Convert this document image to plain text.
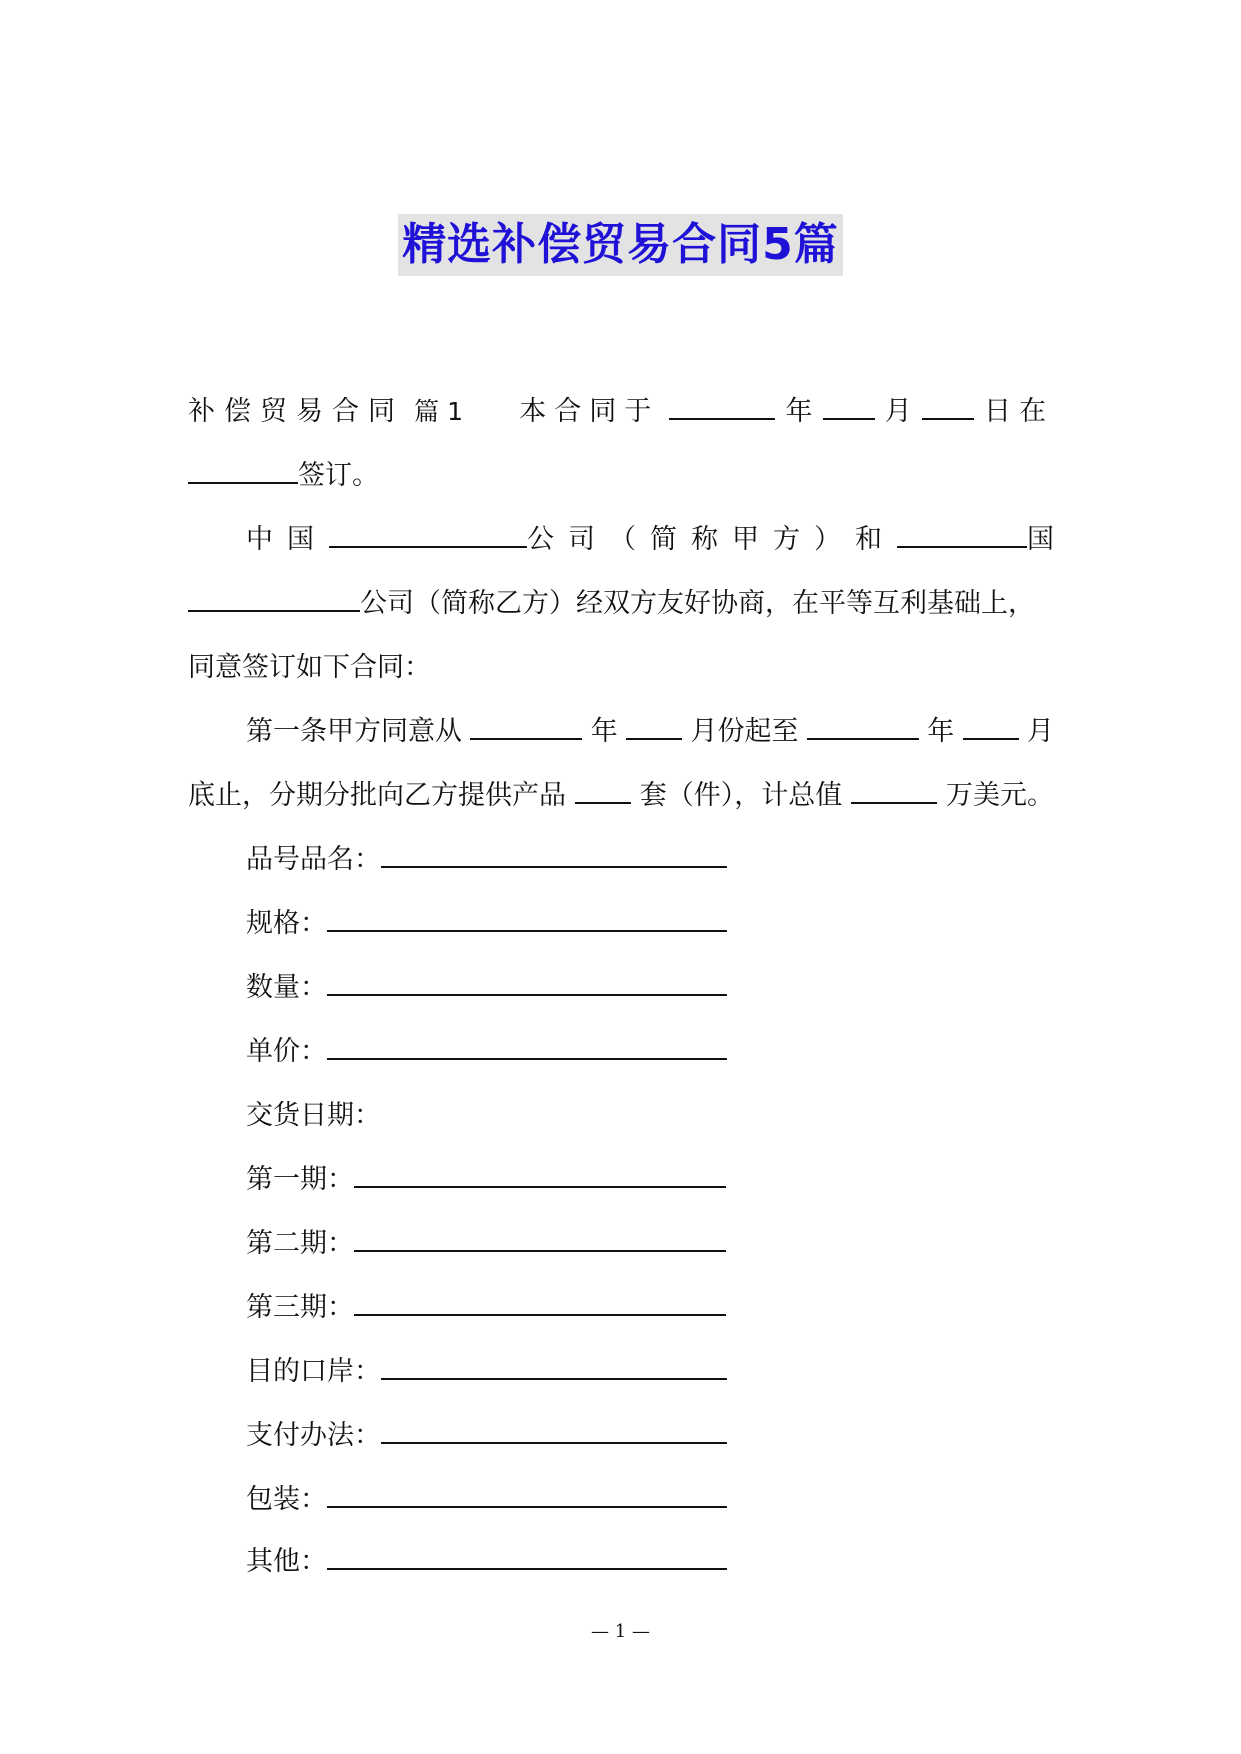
精选补偿贸易合同5篇
补偿贸易合同 篇 1 本合同于	年	月	日在
签订。
中国	公司（简称甲方）和	国
公司（简称乙方）经双方友好协商，在平等互利基础上，
同意签订如下合同：
第一条甲方同意从	年	月份起至	年	月
底止，分期分批向乙方提供产品	套（件），计总值	万美元。
品号品名：
规格：
数量：
单价：
交货日期：
第一期：
第二期：
第三期：
目的口岸：
支付办法：
包装：
其他：
— 1 —
